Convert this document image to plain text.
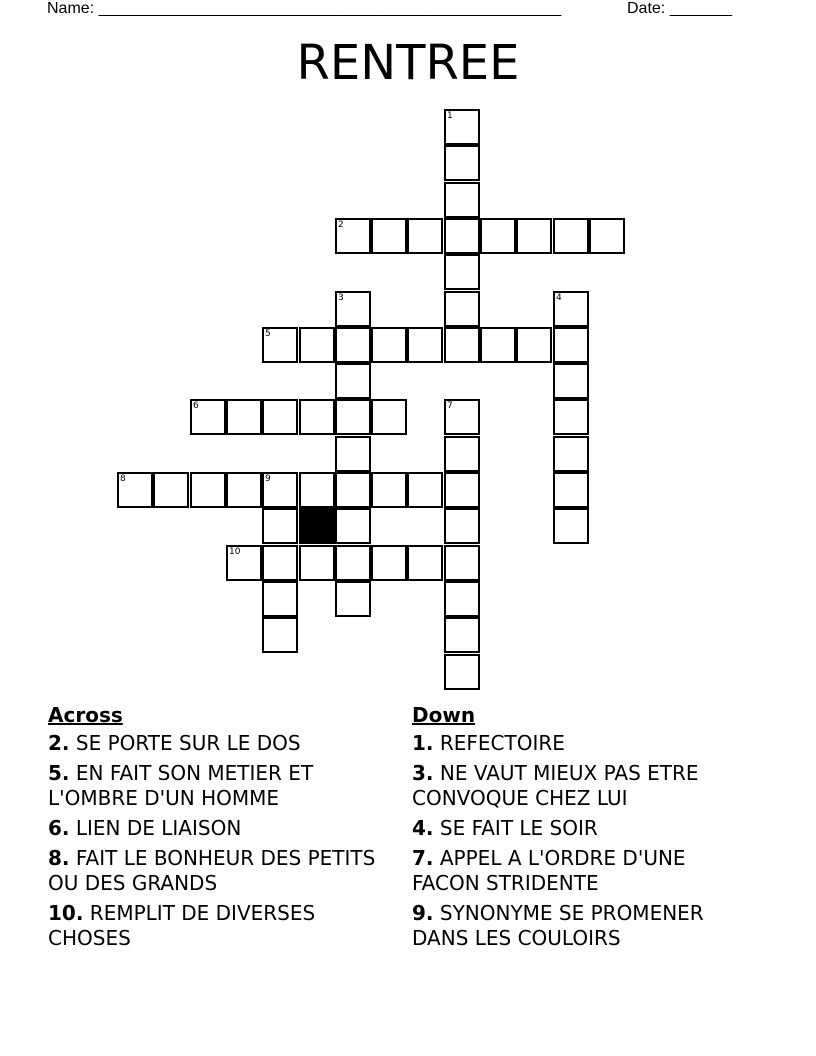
Name: ____________________________________________________	Date: _______
RENTREE
1
2
3	4
5
6	7
8	9
10
Across
2. SE PORTE SUR LE DOS
5. EN FAIT SON METIER ET L'OMBRE D'UN HOMME
6. LIEN DE LIAISON
8. FAIT LE BONHEUR DES PETITS OU DES GRANDS
10. REMPLIT DE DIVERSES CHOSES
Down
1. REFECTOIRE
3. NE VAUT MIEUX PAS ETRE CONVOQUE CHEZ LUI
4. SE FAIT LE SOIR
7. APPEL A L'ORDRE D'UNE FACON STRIDENTE
9. SYNONYME SE PROMENER DANS LES COULOIRS
